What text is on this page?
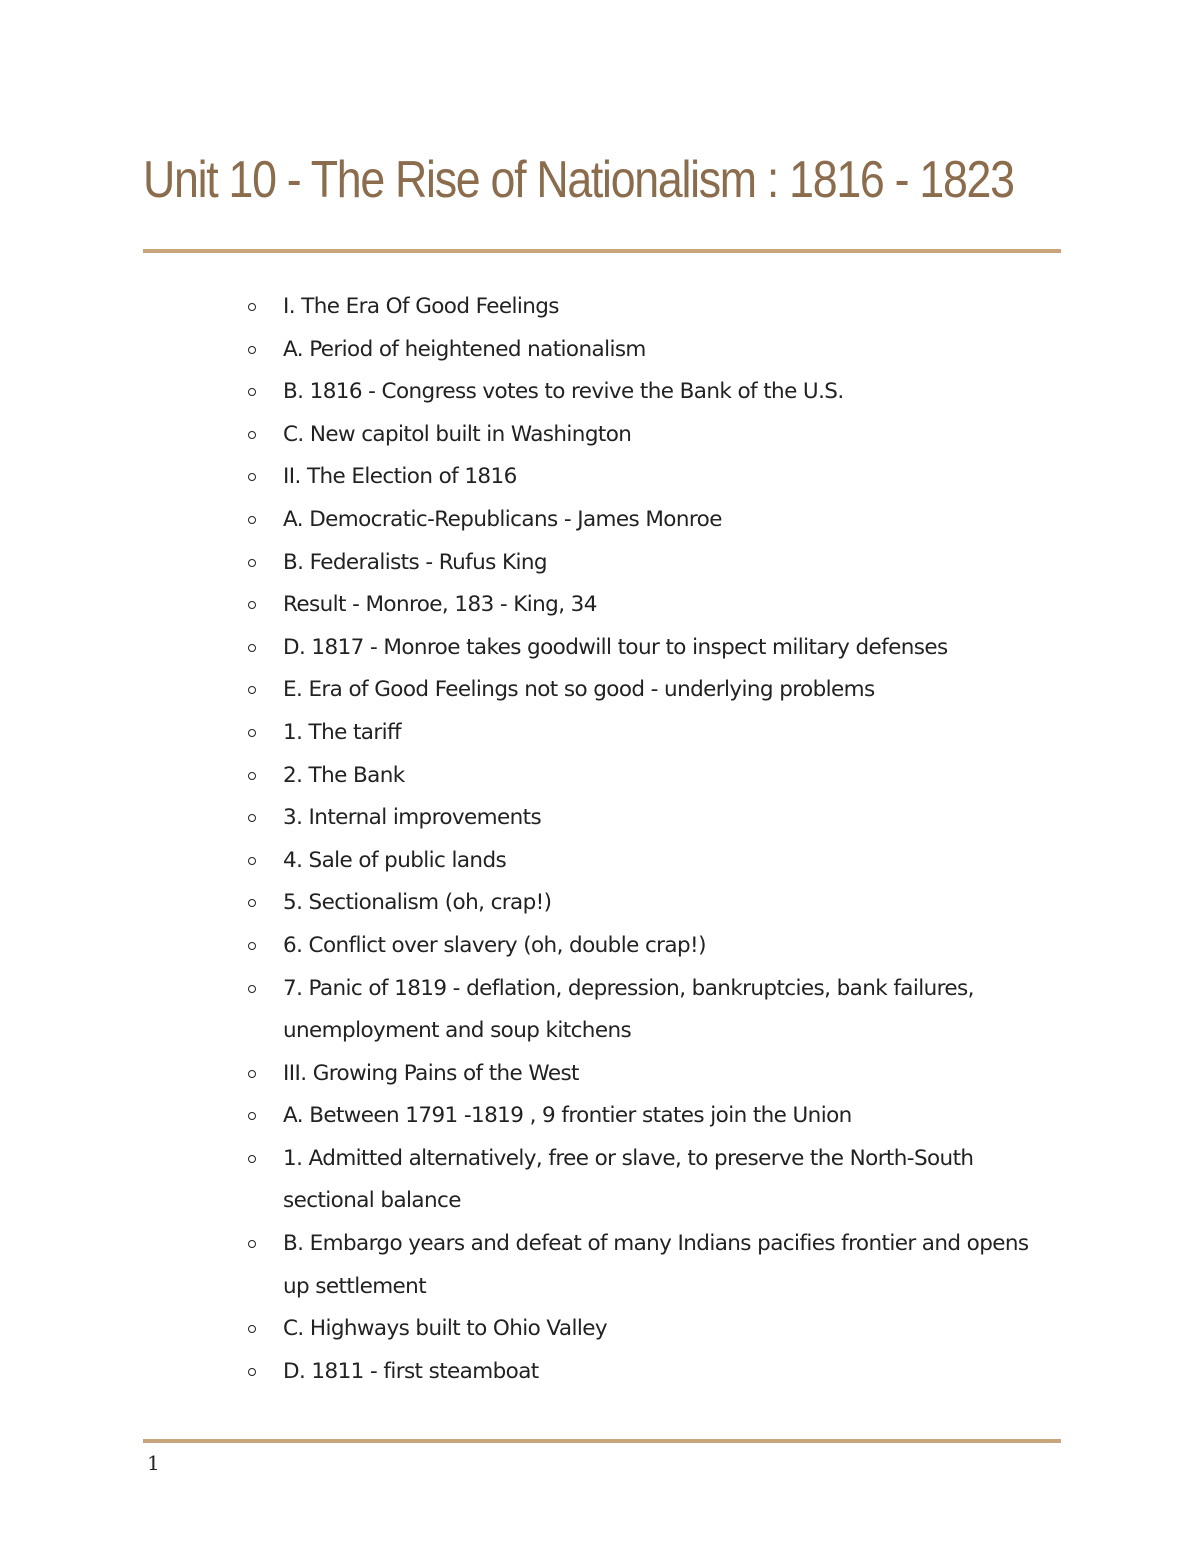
Unit 10 - The Rise of Nationalism : 1816 - 1823
I. The Era Of Good Feelings
A. Period of heightened nationalism
B. 1816 - Congress votes to revive the Bank of the U.S.
C. New capitol built in Washington
II. The Election of 1816
A. Democratic-Republicans - James Monroe
B. Federalists - Rufus King
Result - Monroe, 183 - King, 34
D. 1817 - Monroe takes goodwill tour to inspect military defenses
E. Era of Good Feelings not so good - underlying problems
1. The tariff
2. The Bank
3. Internal improvements
4. Sale of public lands
5. Sectionalism (oh, crap!)
6. Conflict over slavery (oh, double crap!)
7. Panic of 1819 - deflation, depression, bankruptcies, bank failures, unemployment and soup kitchens
III. Growing Pains of the West
A. Between 1791 -1819 , 9 frontier states join the Union
1. Admitted alternatively, free or slave, to preserve the North-South sectional balance
B. Embargo years and defeat of many Indians pacifies frontier and opens up settlement
C. Highways built to Ohio Valley
D. 1811 - first steamboat
1
